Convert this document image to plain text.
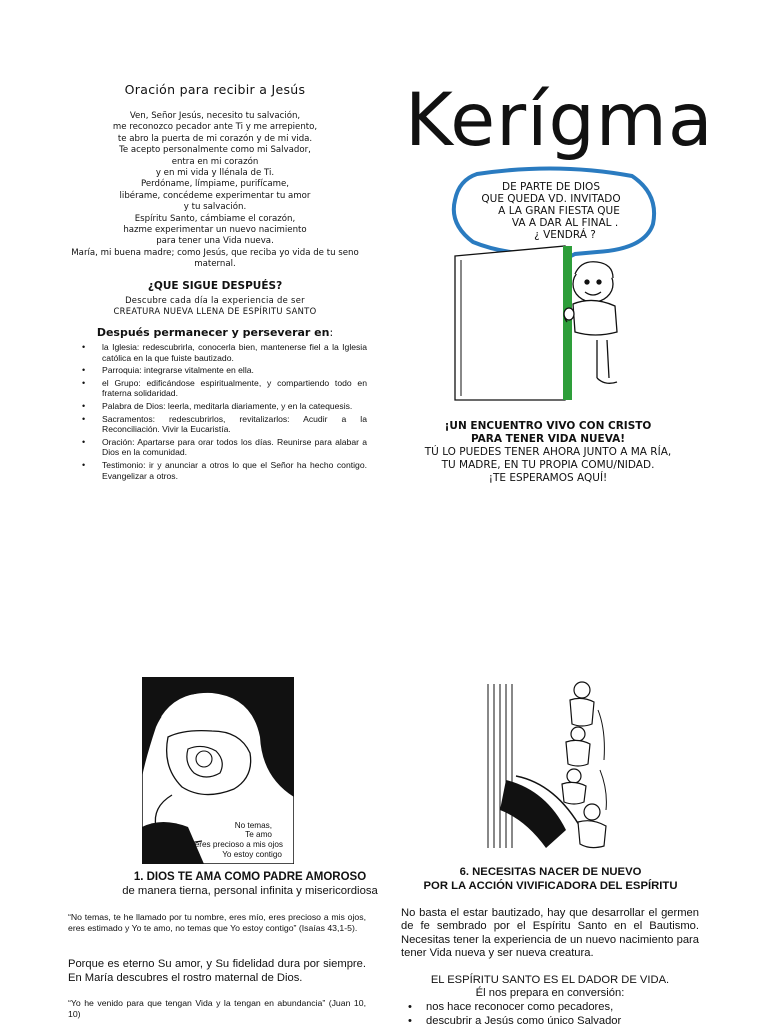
Oración para recibir a Jesús
Ven, Señor Jesús, necesito tu salvación,
me reconozco pecador ante Ti y me arrepiento,
te abro la puerta de mi corazón y de mi vida.
Te acepto personalmente como mi Salvador,
entra en mi corazón
y en mi vida y llénala de Ti.
Perdóname, límpiame, purifícame,
libérame, concédeme experimentar tu amor
y tu salvación.
Espíritu Santo, cámbiame el corazón,
hazme experimentar un nuevo nacimiento
para tener una Vida nueva.
María, mi buena madre; como Jesús, que reciba yo vida de tu seno
maternal.
¿QUE SIGUE DESPUÉS?
Descubre cada día la experiencia de ser
CREATURA NUEVA LLENA DE ESPÍRITU SANTO
Después permanecer y perseverar en:
• la Iglesia: redescubrirla, conocerla bien, mantenerse fiel a la Iglesia católica en la que fuiste bautizado.
• Parroquia: integrarse vitalmente en ella.
• el Grupo: edificándose espiritualmente, y compartiendo todo en fraterna solidaridad.
• Palabra de Dios: leerla, meditarla diariamente, y en la catequesis.
• Sacramentos: redescubrirlos, revitalizarlos: Acudir a la Reconciliación. Vivir la Eucaristía.
• Oración: Apartarse para orar todos los días. Reunirse para alabar a Dios en la comunidad.
• Testimonio: ir y anunciar a otros lo que el Señor ha hecho contigo. Evangelizar a otros.
Kerígma
DE PARTE DE DIOS
QUE QUEDA VD. INVITADO
A LA GRAN FIESTA QUE
VA A DAR AL FINAL .
¿ VENDRÁ ?
¡UN ENCUENTRO VIVO CON CRISTO
PARA TENER VIDA NUEVA!
TÚ LO PUEDES TENER AHORA JUNTO A MA RÍA,
TU MADRE, EN TU PROPIA COMU/NIDAD.
¡TE ESPERAMOS AQUÍ!
No temas,
Te amo
eres precioso a mis ojos
Yo estoy contigo
1. DIOS TE AMA COMO PADRE AMOROSO
de manera tierna, personal infinita y misericordiosa
“No temas, te he llamado por tu nombre, eres mío, eres precioso a mis ojos, eres estimado y Yo te amo, no temas que Yo estoy contigo” (Isaías 43,1-5).
Porque es eterno Su amor, y Su fidelidad dura por siempre. En María descubres el rostro maternal de Dios.
“Yo he venido para que tengan Vida y la tengan en abundancia” (Juan 10, 10)
6. NECESITAS NACER DE NUEVO
POR LA ACCIÓN VIVIFICADORA DEL ESPÍRITU
No basta el estar bautizado, hay que desarrollar el germen de fe sembrado por el Espíritu Santo en el Bautismo. Necesitas tener la experiencia de un nuevo nacimiento para tener Vida nueva y ser nueva creatura.
EL ESPÍRITU SANTO ES EL DADOR DE VIDA.
Él nos prepara en conversión:
• nos hace reconocer como pecadores,
• descubrir a Jesús como único Salvador
